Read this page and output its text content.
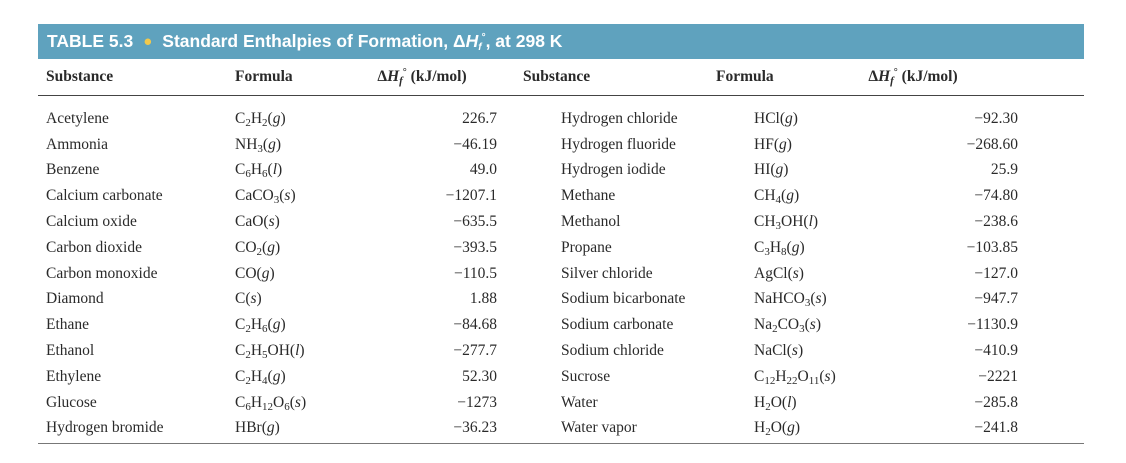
TABLE 5.3 ● Standard Enthalpies of Formation, $\Delta H_f^\circ$ , at 298 K
Substance	Formula	$\Delta H_f^\circ$ (kJ/mol)	Substance	Formula	$\Delta H_f^\circ$ (kJ/mol)
Acetylene	$C_2H_2(g)$	226.7	Hydrogen chloride	HCl(g)	−92.30
Ammonia	$NH_3(g)$	−46.19	Hydrogen fluoride	HF(g)	−268.60
Benzene	$C_6H_6(l)$	49.0	Hydrogen iodide	HI(g)	25.9
Calcium carbonate	CaCO$_3$(s)	−1207.1	Methane	$CH_4(g)$	−74.80
Calcium oxide	CaO(s)	−635.5	Methanol	$CH_3OH(l)$	−238.6
Carbon dioxide	$CO_2(g)$	−393.5	Propane	$C_3H_8(g)$	−103.85
Carbon monoxide	CO(g)	−110.5	Silver chloride	AgCl(s)	−127.0
Diamond	C(s)	1.88	Sodium bicarbonate	NaHCO$_3$(s)	−947.7
Ethane	$C_2H_6(g)$	−84.68	Sodium carbonate	$Na_2CO_3(s)$	−1130.9
Ethanol	$C_2H_5OH(l)$	−277.7	Sodium chloride	NaCl(s)	−410.9
Ethylene	$C_2H_4(g)$	52.30	Sucrose	$C_{12}H_{22}O_{11}(s)$	−2221
Glucose	$C_6H_{12}O_6(s)$	−1273	Water	$H_2O(l)$	−285.8
Hydrogen bromide	HBr(g)	−36.23	Water vapor	$H_2O(g)$	−241.8
